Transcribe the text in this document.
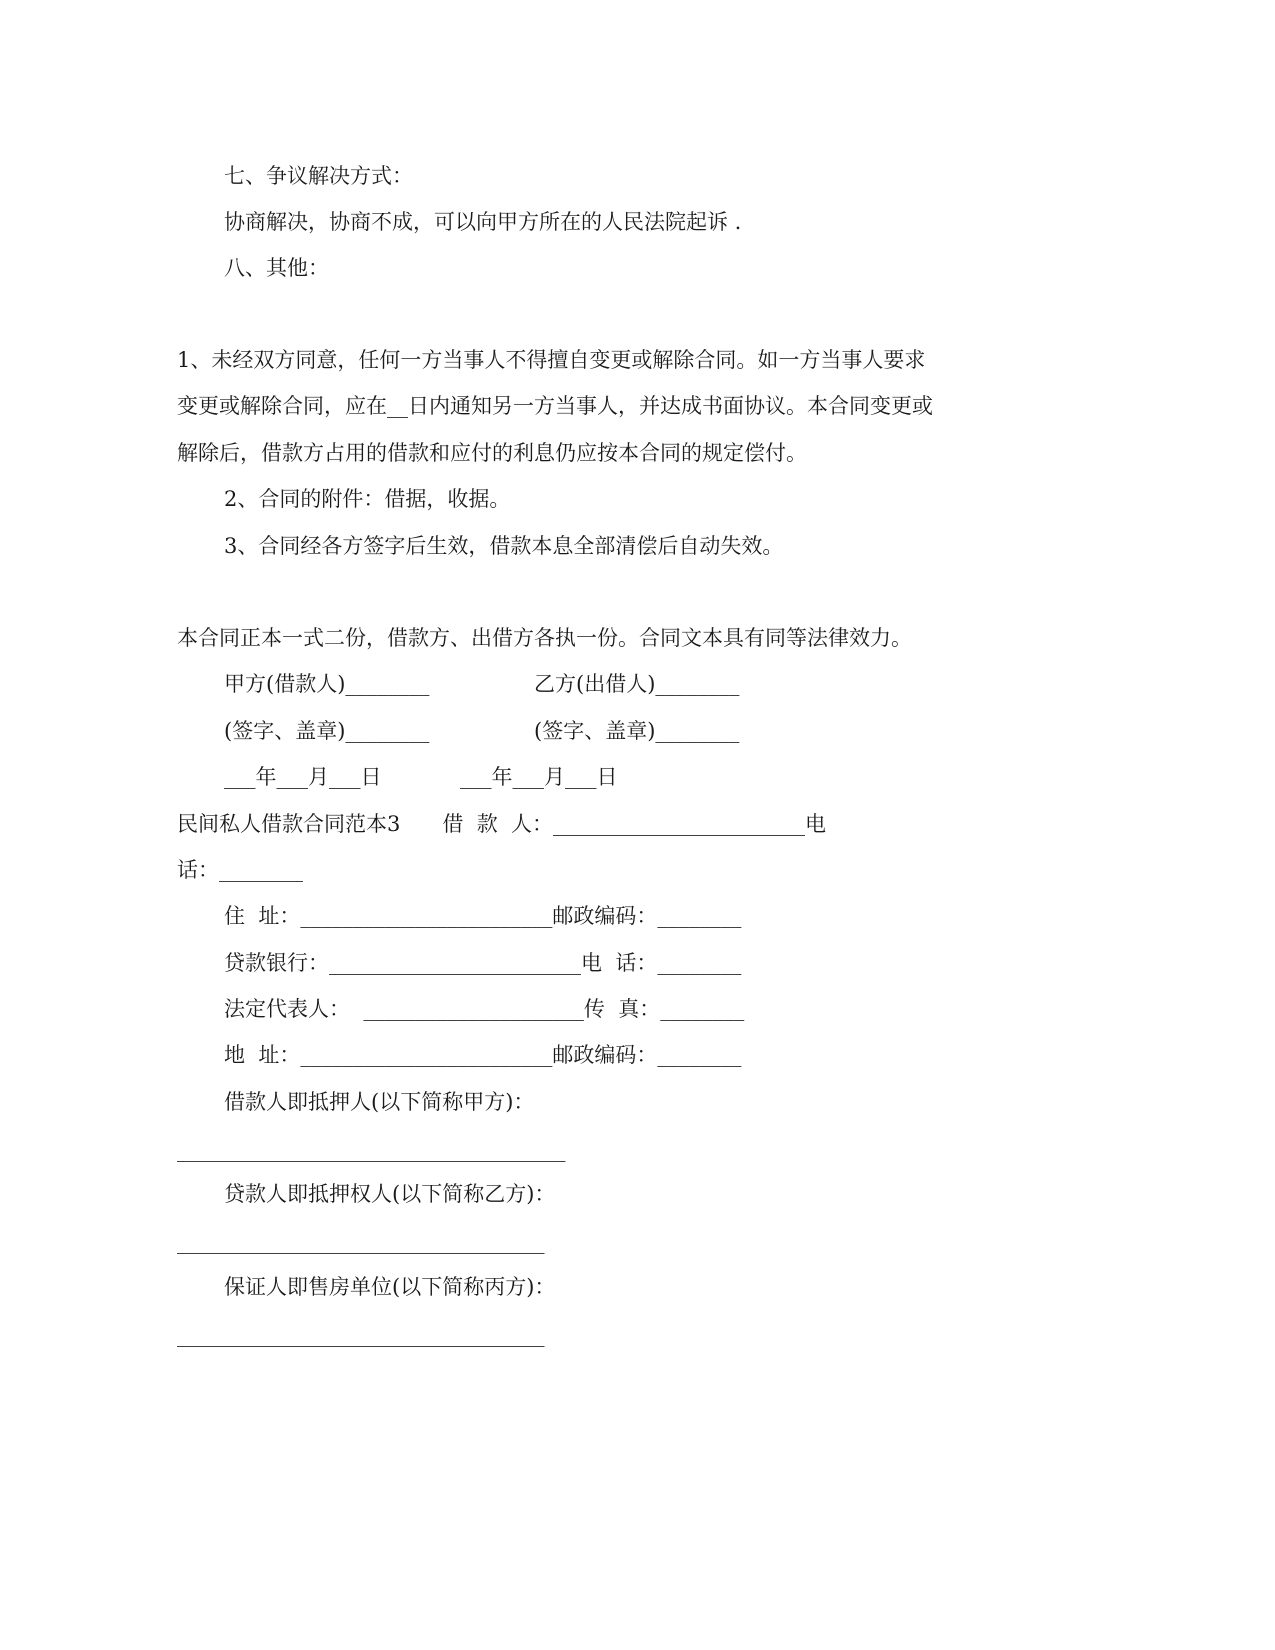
七、争议解决方式：
协商解决，协商不成，可以向甲方所在的人民法院起诉 .
八、其他：
1、未经双方同意，任何一方当事人不得擅自变更或解除合同。如一方当事人要求
变更或解除合同，应在__日内通知另一方当事人，并达成书面协议。本合同变更或
解除后，借款方占用的借款和应付的利息仍应按本合同的规定偿付。
2、合同的附件：借据，收据。
3、合同经各方签字后生效，借款本息全部清偿后自动失效。
本合同正本一式二份，借款方、出借方各执一份。合同文本具有同等法律效力。
甲方(借款人)________	乙方(出借人)________
(签字、盖章)________	(签字、盖章)________
___年___月___日	___年___月___日
民间私人借款合同范本3　　借  款  人：________________________电
话：________
住  址：________________________邮政编码：________
贷款银行：________________________电  话：________
法定代表人：  _____________________传  真：________
地  址：________________________邮政编码：________
借款人即抵押人(以下简称甲方)：
_____________________________________
贷款人即抵押权人(以下简称乙方)：
___________________________________
保证人即售房单位(以下简称丙方)：
___________________________________
